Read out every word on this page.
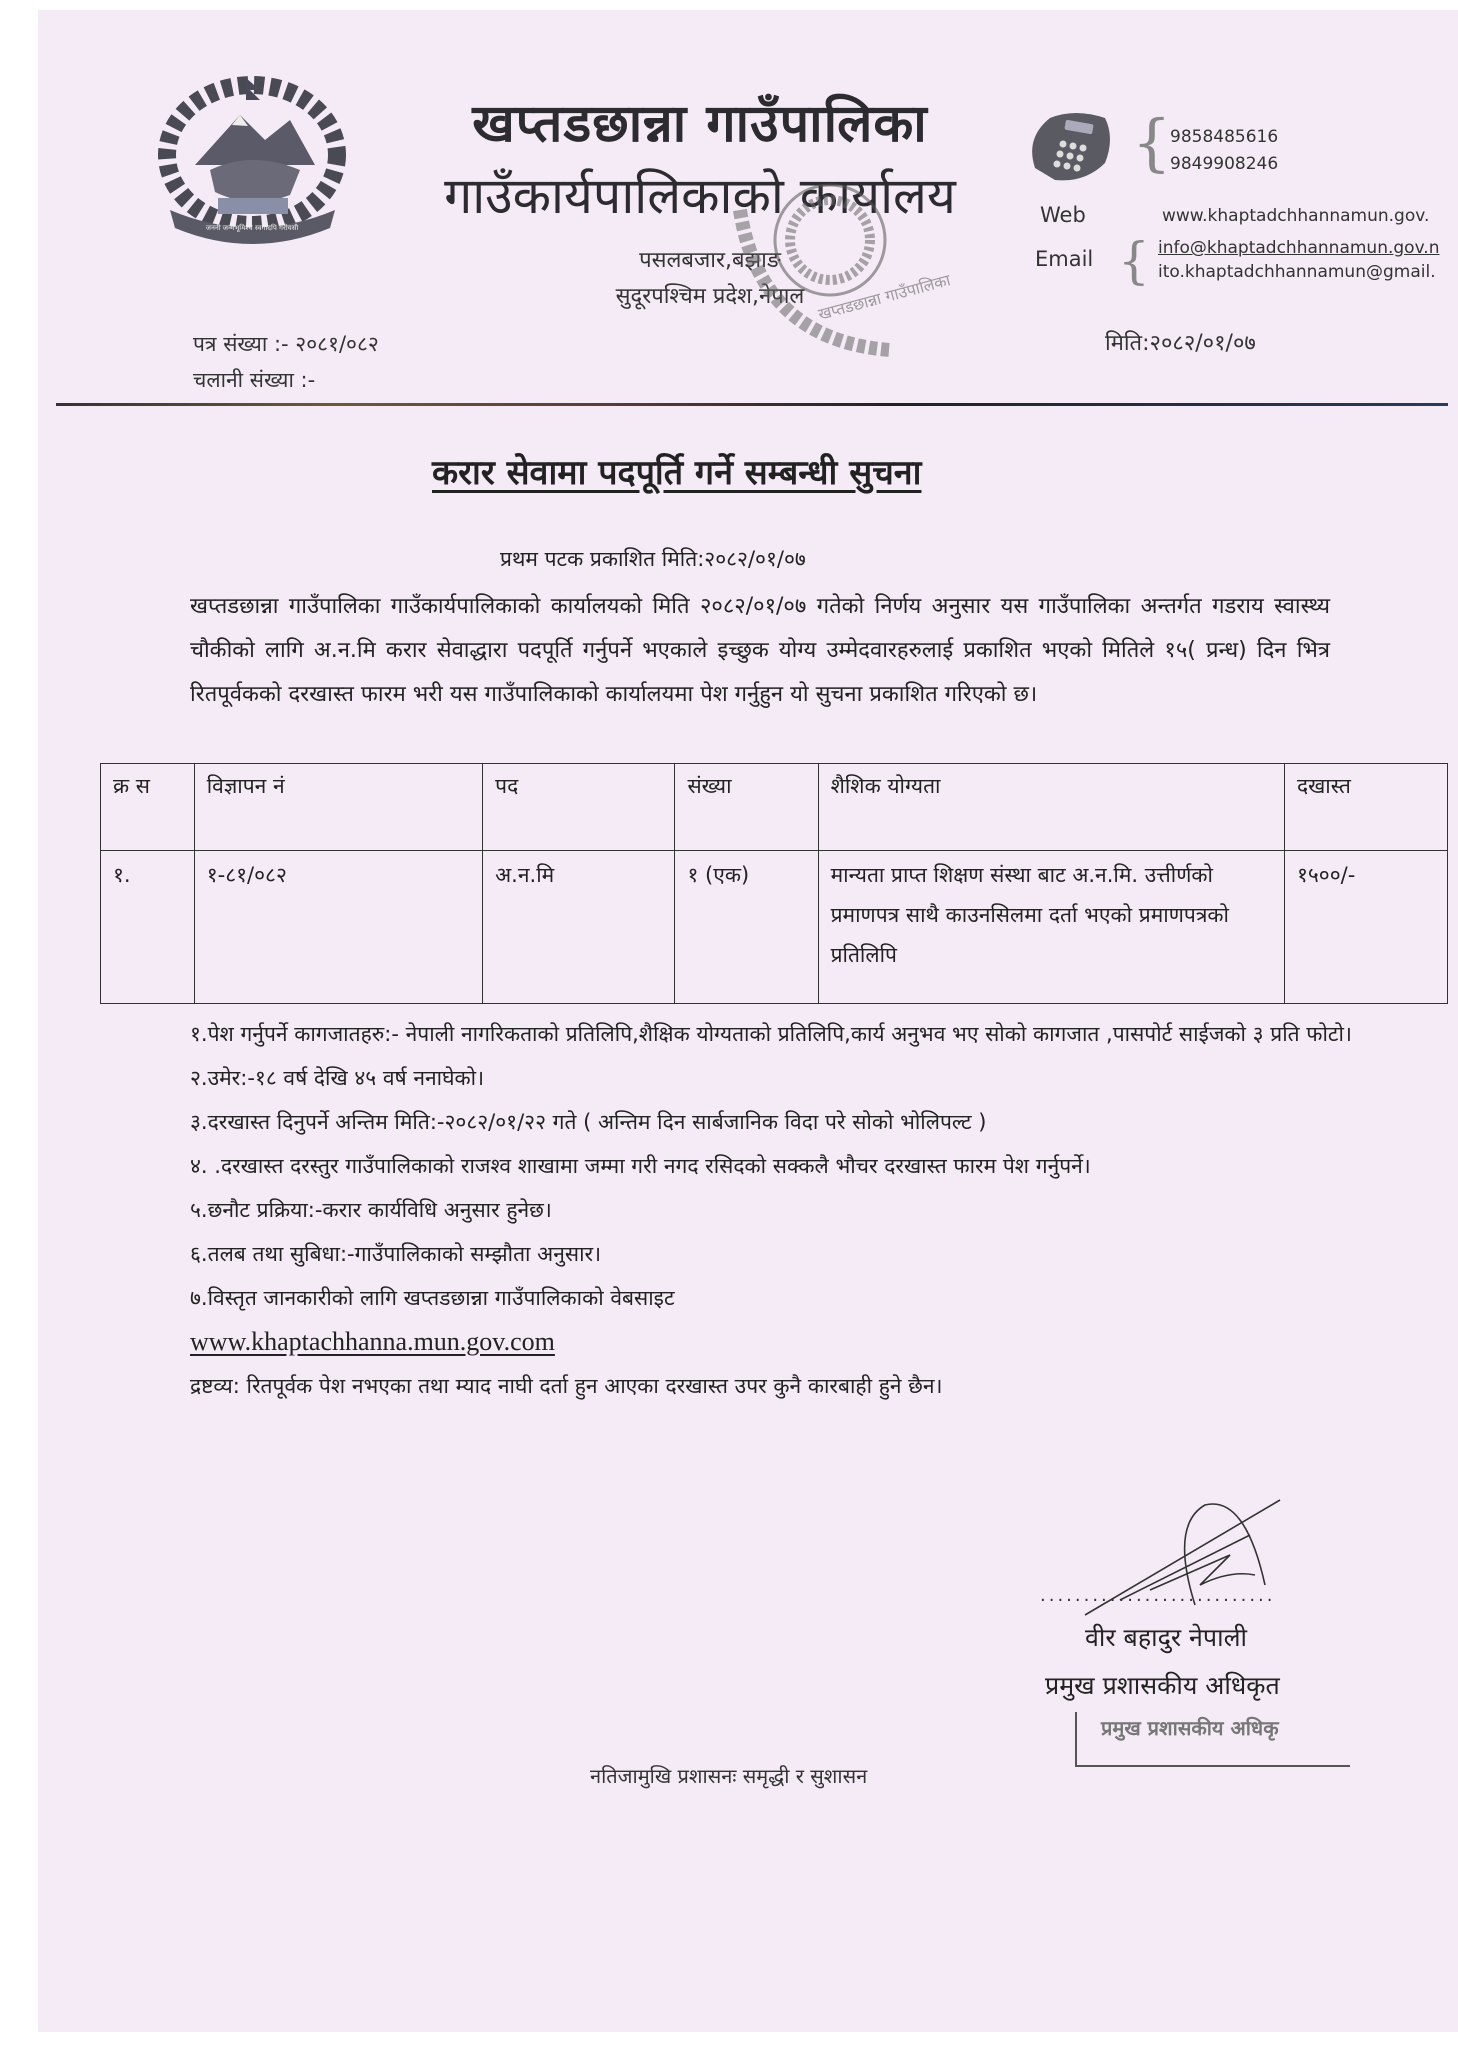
जननी जन्मभूमिश्च स्वर्गादपि गरीयसी
खप्तडछान्ना गाउँपालिका
गाउँकार्यपालिकाको कार्यालय
पसलबजार,बझाङ
सुदूरपश्चिम प्रदेश,नेपाल खप्तडछान्ना गाउँपालिका
{
9858485616
9849908246
Web	www.khaptadchhannamun.gov.
Email { info@khaptadchhannamun.gov.n
ito.khaptadchhannamun@gmail.
पत्र संख्या :- २०८१/०८२
चलानी संख्या :-
मिति:२०८२/०१/०७
करार सेवामा पदपूर्ति गर्ने सम्बन्धी सुचना
प्रथम पटक प्रकाशित मिति:२०८२/०१/०७
खप्तडछान्ना गाउँपालिका गाउँकार्यपालिकाको कार्यालयको मिति २०८२/०१/०७ गतेको निर्णय अनुसार यस गाउँपालिका अन्तर्गत गडराय स्वास्थ्य चौकीको लागि अ.न.मि करार सेवाद्धारा पदपूर्ति गर्नुपर्ने भएकाले इच्छुक योग्य उम्मेदवारहरुलाई प्रकाशित भएको मितिले १५( प्रन्ध) दिन भित्र रितपूर्वकको दरखास्त फारम भरी यस गाउँपालिकाको कार्यालयमा पेश गर्नुहुन यो सुचना प्रकाशित गरिएको छ।
क्र स	विज्ञापन नं	पद	संख्या	शैशिक योग्यता	दखास्त
१.	१-८१/०८२	अ.न.मि	१ (एक)	मान्यता प्राप्त शिक्षण संस्था बाट अ.न.मि. उत्तीर्णको प्रमाणपत्र साथै काउनसिलमा दर्ता भएको प्रमाणपत्रको प्रतिलिपि	१५००/-
१.पेश गर्नुपर्ने कागजातहरु:- नेपाली नागरिकताको प्रतिलिपि,शैक्षिक योग्यताको प्रतिलिपि,कार्य अनुभव भए सोको कागजात ,पासपोर्ट साईजको ३ प्रति फोटो।
२.उमेर:-१८ वर्ष देखि ४५ वर्ष ननाघेको।
३.दरखास्त दिनुपर्ने अन्तिम मिति:-२०८२/०१/२२ गते ( अन्तिम दिन सार्बजानिक विदा परे सोको भोलिपल्ट )
४. .दरखास्त दरस्तुर गाउँपालिकाको राजश्व शाखामा जम्मा गरी नगद रसिदको सक्कलै भौचर दरखास्त फारम पेश गर्नुपर्ने।
५.छनौट प्रक्रिया:-करार कार्यविधि अनुसार हुनेछ।
६.तलब तथा सुबिधा:-गाउँपालिकाको सम्झौता अनुसार।
७.विस्तृत जानकारीको लागि खप्तडछान्ना गाउँपालिकाको वेबसाइट
www.khaptachhanna.mun.gov.com
द्रष्टव्य: रितपूर्वक पेश नभएका तथा म्याद नाघी दर्ता हुन आएका दरखास्त उपर कुनै कारबाही हुने छैन।
...........................
वीर बहादुर नेपाली
प्रमुख प्रशासकीय अधिकृत
प्रमुख प्रशासकीय अधिकृ
नतिजामुखि प्रशासनः समृद्धी र सुशासन
